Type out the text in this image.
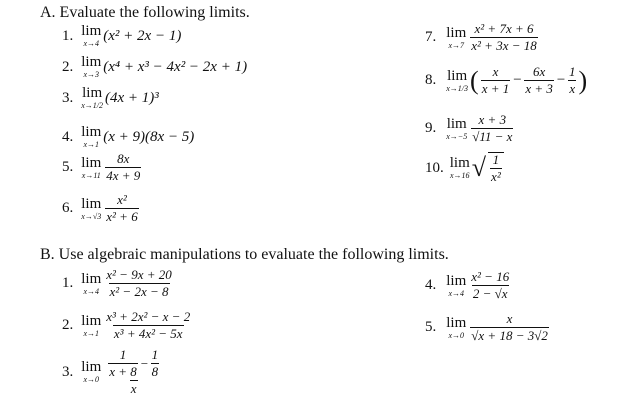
A. Evaluate the following limits.
1. lim
x→4 (x² + 2x − 1)
2. lim
x→3 (x⁴ + x³ − 4x² − 2x + 1)
3. lim
x→1/2 (4x + 1)³
4. lim
x→1 (x + 9)(8x − 5)
5. lim
$x\to 11 \frac{8x}{4x + 9}$
6. lim
$x\to√3 \frac{\text{x²}}{\text{x² + 6}}$
7. lim
$x\to 7 \frac{\text{x² + 7x + 6}}{\text{x² + 3x − 18}}$
8. lim
x→1/3 ( $\frac{x}{x + 1} - \frac{6x}{x + 3} - \frac{1}{x}$ )
9. lim
$x\to-5 \frac{x + 3}{√11 - x}$
10. lim
x→16 √ $\frac{1}{\text{x²}}$
B. Use algebraic manipulations to evaluate the following limits.
1. lim
$x\to 4 \frac{\text{x² − 9x + 20}}{\text{x² − 2x − 8}}$
2. lim
$x\to 1 \frac{\text{x³ + 2x² − x − 2}}{\text{x³ + 4x² − 5x}}$
3. lim
$x\to 0 \frac{\frac{1}{x + 8} - \frac{1}{8}}{x}$
4. lim
$x\to 4 \frac{\text{x² − 16}}{2 - √x}$
5. lim
$x\to 0 \frac{x}{√x + 18 - 3√2}$
